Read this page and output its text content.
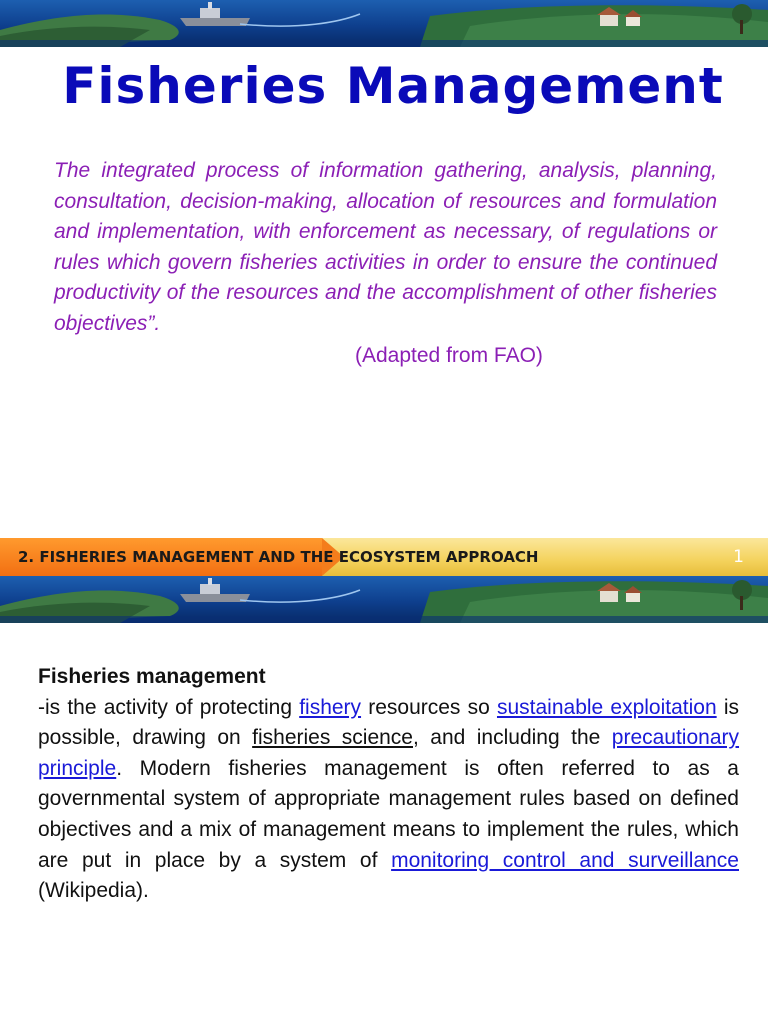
Fisheries Management

The integrated process of information gathering, analysis, planning, consultation, decision-making, allocation of resources and formulation and implementation, with enforcement as necessary, of regulations or rules which govern fisheries activities in order to ensure the continued productivity of the resources and the accomplishment of other fisheries objectives”.

(Adapted from FAO)

2. FISHERIES MANAGEMENT AND THE ECOSYSTEM APPROACH	1

Fisheries management

-is the activity of protecting fishery resources so sustainable exploitation is possible, drawing on fisheries science, and including the precautionary principle. Modern fisheries management is often referred to as a governmental system of appropriate management rules based on defined objectives and a mix of management means to implement the rules, which are put in place by a system of monitoring control and surveillance (Wikipedia).
